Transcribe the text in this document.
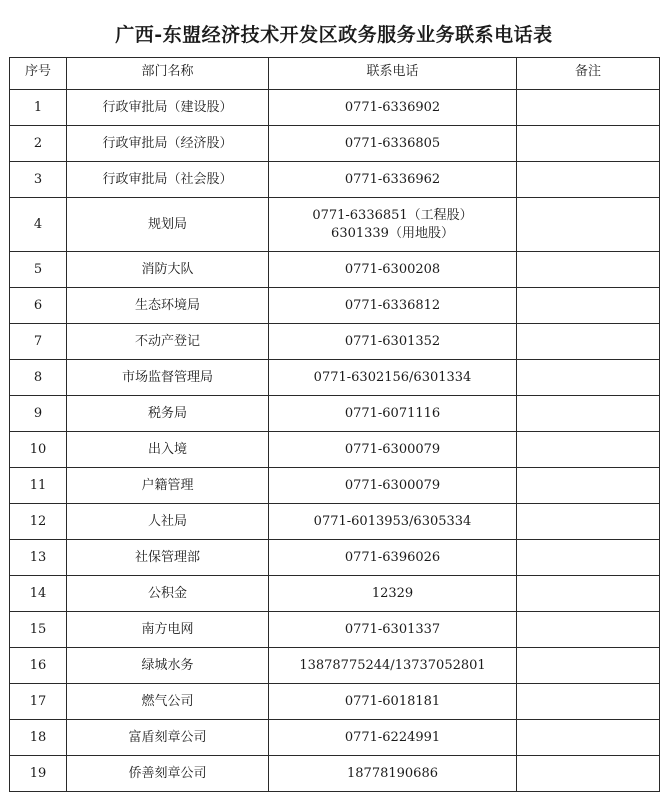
广西-东盟经济技术开发区政务服务业务联系电话表
序号	部门名称	联系电话	备注
1	行政审批局（建设股）	0771-6336902	

2	行政审批局（经济股）	0771-6336805	

3	行政审批局（社会股）	0771-6336962	

4	规划局	0771-6336851（工程股）
6301339（用地股）	

5	消防大队	0771-6300208	

6	生态环境局	0771-6336812	

7	不动产登记	0771-6301352	

8	市场监督管理局	0771-6302156/6301334	

9	税务局	0771-6071116	

10	出入境	0771-6300079	

11	户籍管理	0771-6300079	

12	人社局	0771-6013953/6305334	

13	社保管理部	0771-6396026	

14	公积金	12329	

15	南方电网	0771-6301337	

16	绿城水务	13878775244/13737052801	

17	燃气公司	0771-6018181	

18	富盾刻章公司	0771-6224991	

19	侨善刻章公司	18778190686	
